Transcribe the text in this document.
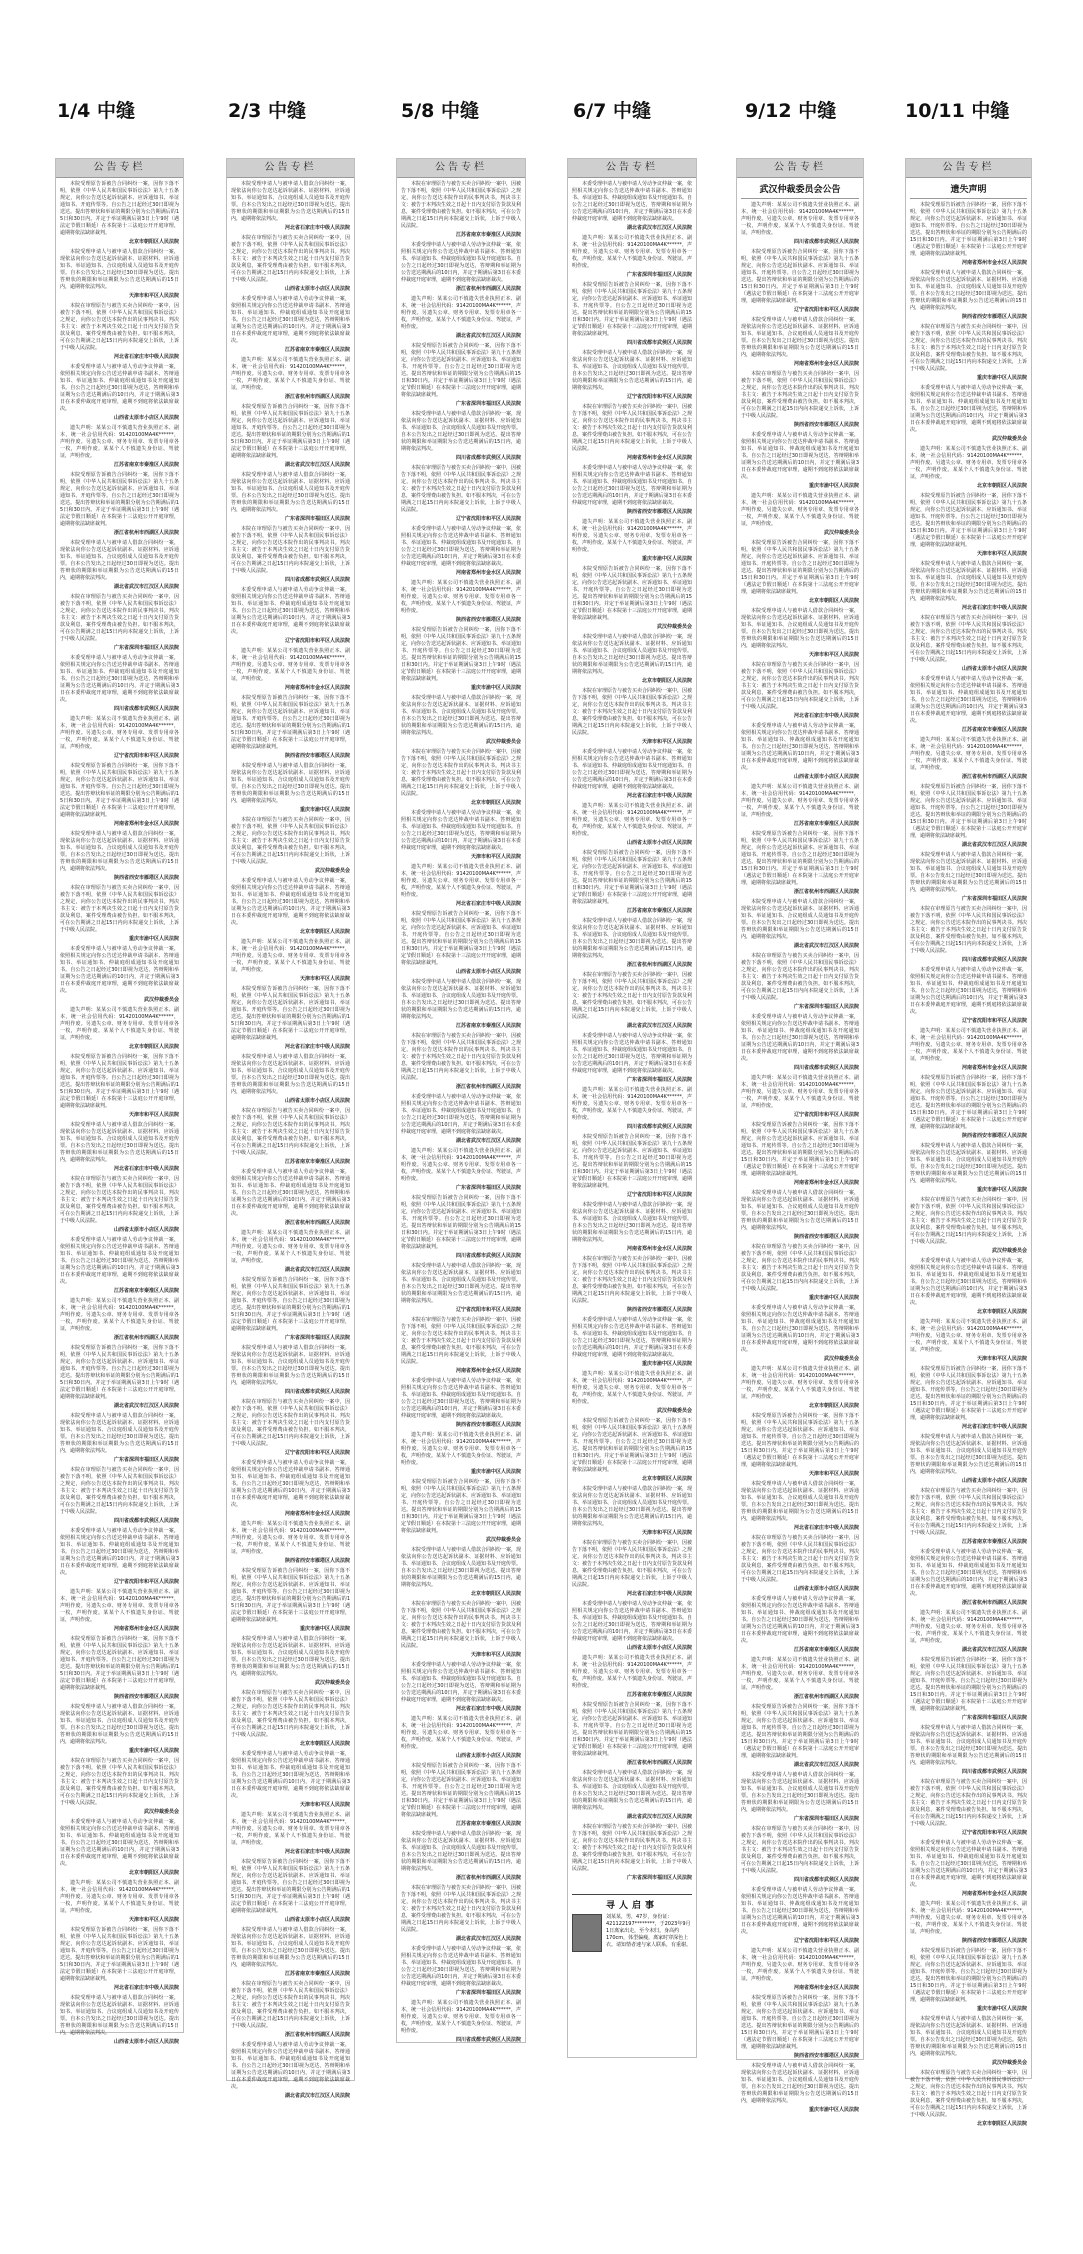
1/4 中缝	2/3 中缝	5/8 中缝	6/7 中缝	9/12 中缝	10/11 中缝
公告专栏

本院受理原告诉被告合同纠纷一案，因你下落不明，依照《中华人民共和国民事诉讼法》第九十五条规定，向你公告送达起诉状副本、应诉通知书、举证通知书、开庭传票等。自公告之日起经过30日即视为送达。提出答辩状和举证的期限分别为公告期满后的15日和30日内。并定于举证期满后第3日上午9时（遇法定节假日顺延）在本院第十三法庭公开开庭审理，逾期将依法缺席裁判。

北京市朝阳区人民法院

本院受理申请人与被申请人借款合同纠纷一案，现依法向你公告送达起诉状副本、证据材料、应诉通知书、举证通知书、合议庭组成人员通知书及开庭传票。自本公告发出之日起经过30日即视为送达。提出答辩状的期限和举证期限为公告送达期满后的15日内，逾期将依法判决。

天津市和平区人民法院

本院在审理原告与被告买卖合同纠纷一案中，因被告下落不明，依照《中华人民共和国民事诉讼法》之规定，向你公告送达本院作出的民事判决书。判决书主文：被告于本判决生效之日起十日内支付原告货款及利息，案件受理费由被告负担。如不服本判决，可在公告期满之日起15日内向本院递交上诉状，上诉于中级人民法院。

河北省石家庄市中级人民法院

本委受理申请人与被申请人劳动争议仲裁一案，依照相关规定向你公告送达仲裁申请书副本、答辩通知书、举证通知书、仲裁庭组成通知书及开庭通知书。自公告之日起经过30日即视为送达，答辩期和举证期为公告送达期满后的10日内，并定于期满后第3日在本委仲裁庭开庭审理，逾期不到庭将依法缺席裁决。

山西省太原市小店区人民法院

遗失声明：某某公司不慎遗失营业执照正本、副本，统一社会信用代码：91420100MA4K******，声明作废。另遗失公章、财务专用章、发票专用章各一枚，声明作废。某某个人不慎遗失身份证、驾驶证，声明作废。

江苏省南京市秦淮区人民法院

本院受理原告诉被告合同纠纷一案，因你下落不明，依照《中华人民共和国民事诉讼法》第九十五条规定，向你公告送达起诉状副本、应诉通知书、举证通知书、开庭传票等。自公告之日起经过30日即视为送达。提出答辩状和举证的期限分别为公告期满后的15日和30日内。并定于举证期满后第3日上午9时（遇法定节假日顺延）在本院第十三法庭公开开庭审理，逾期将依法缺席裁判。

浙江省杭州市西湖区人民法院

本院受理申请人与被申请人借款合同纠纷一案，现依法向你公告送达起诉状副本、证据材料、应诉通知书、举证通知书、合议庭组成人员通知书及开庭传票。自本公告发出之日起经过30日即视为送达。提出答辩状的期限和举证期限为公告送达期满后的15日内，逾期将依法判决。

湖北省武汉市江汉区人民法院

本院在审理原告与被告买卖合同纠纷一案中，因被告下落不明，依照《中华人民共和国民事诉讼法》之规定，向你公告送达本院作出的民事判决书。判决书主文：被告于本判决生效之日起十日内支付原告货款及利息，案件受理费由被告负担。如不服本判决，可在公告期满之日起15日内向本院递交上诉状，上诉于中级人民法院。

广东省深圳市福田区人民法院

本委受理申请人与被申请人劳动争议仲裁一案，依照相关规定向你公告送达仲裁申请书副本、答辩通知书、举证通知书、仲裁庭组成通知书及开庭通知书。自公告之日起经过30日即视为送达，答辩期和举证期为公告送达期满后的10日内，并定于期满后第3日在本委仲裁庭开庭审理，逾期不到庭将依法缺席裁决。

四川省成都市武侯区人民法院

遗失声明：某某公司不慎遗失营业执照正本、副本，统一社会信用代码：91420100MA4K******，声明作废。另遗失公章、财务专用章、发票专用章各一枚，声明作废。某某个人不慎遗失身份证、驾驶证，声明作废。

辽宁省沈阳市和平区人民法院

本院受理原告诉被告合同纠纷一案，因你下落不明，依照《中华人民共和国民事诉讼法》第九十五条规定，向你公告送达起诉状副本、应诉通知书、举证通知书、开庭传票等。自公告之日起经过30日即视为送达。提出答辩状和举证的期限分别为公告期满后的15日和30日内。并定于举证期满后第3日上午9时（遇法定节假日顺延）在本院第十三法庭公开开庭审理，逾期将依法缺席裁判。

河南省郑州市金水区人民法院

本院受理申请人与被申请人借款合同纠纷一案，现依法向你公告送达起诉状副本、证据材料、应诉通知书、举证通知书、合议庭组成人员通知书及开庭传票。自本公告发出之日起经过30日即视为送达。提出答辩状的期限和举证期限为公告送达期满后的15日内，逾期将依法判决。

陕西省西安市雁塔区人民法院

本院在审理原告与被告买卖合同纠纷一案中，因被告下落不明，依照《中华人民共和国民事诉讼法》之规定，向你公告送达本院作出的民事判决书。判决书主文：被告于本判决生效之日起十日内支付原告货款及利息，案件受理费由被告负担。如不服本判决，可在公告期满之日起15日内向本院递交上诉状，上诉于中级人民法院。

重庆市渝中区人民法院

本委受理申请人与被申请人劳动争议仲裁一案，依照相关规定向你公告送达仲裁申请书副本、答辩通知书、举证通知书、仲裁庭组成通知书及开庭通知书。自公告之日起经过30日即视为送达，答辩期和举证期为公告送达期满后的10日内，并定于期满后第3日在本委仲裁庭开庭审理，逾期不到庭将依法缺席裁决。

武汉仲裁委员会

遗失声明：某某公司不慎遗失营业执照正本、副本，统一社会信用代码：91420100MA4K******，声明作废。另遗失公章、财务专用章、发票专用章各一枚，声明作废。某某个人不慎遗失身份证、驾驶证，声明作废。

北京市朝阳区人民法院

本院受理原告诉被告合同纠纷一案，因你下落不明，依照《中华人民共和国民事诉讼法》第九十五条规定，向你公告送达起诉状副本、应诉通知书、举证通知书、开庭传票等。自公告之日起经过30日即视为送达。提出答辩状和举证的期限分别为公告期满后的15日和30日内。并定于举证期满后第3日上午9时（遇法定节假日顺延）在本院第十三法庭公开开庭审理，逾期将依法缺席裁判。

天津市和平区人民法院

本院受理申请人与被申请人借款合同纠纷一案，现依法向你公告送达起诉状副本、证据材料、应诉通知书、举证通知书、合议庭组成人员通知书及开庭传票。自本公告发出之日起经过30日即视为送达。提出答辩状的期限和举证期限为公告送达期满后的15日内，逾期将依法判决。

河北省石家庄市中级人民法院

本院在审理原告与被告买卖合同纠纷一案中，因被告下落不明，依照《中华人民共和国民事诉讼法》之规定，向你公告送达本院作出的民事判决书。判决书主文：被告于本判决生效之日起十日内支付原告货款及利息，案件受理费由被告负担。如不服本判决，可在公告期满之日起15日内向本院递交上诉状，上诉于中级人民法院。

山西省太原市小店区人民法院

本委受理申请人与被申请人劳动争议仲裁一案，依照相关规定向你公告送达仲裁申请书副本、答辩通知书、举证通知书、仲裁庭组成通知书及开庭通知书。自公告之日起经过30日即视为送达，答辩期和举证期为公告送达期满后的10日内，并定于期满后第3日在本委仲裁庭开庭审理，逾期不到庭将依法缺席裁决。

江苏省南京市秦淮区人民法院

遗失声明：某某公司不慎遗失营业执照正本、副本，统一社会信用代码：91420100MA4K******，声明作废。另遗失公章、财务专用章、发票专用章各一枚，声明作废。某某个人不慎遗失身份证、驾驶证，声明作废。

浙江省杭州市西湖区人民法院

本院受理原告诉被告合同纠纷一案，因你下落不明，依照《中华人民共和国民事诉讼法》第九十五条规定，向你公告送达起诉状副本、应诉通知书、举证通知书、开庭传票等。自公告之日起经过30日即视为送达。提出答辩状和举证的期限分别为公告期满后的15日和30日内。并定于举证期满后第3日上午9时（遇法定节假日顺延）在本院第十三法庭公开开庭审理，逾期将依法缺席裁判。

湖北省武汉市江汉区人民法院

本院受理申请人与被申请人借款合同纠纷一案，现依法向你公告送达起诉状副本、证据材料、应诉通知书、举证通知书、合议庭组成人员通知书及开庭传票。自本公告发出之日起经过30日即视为送达。提出答辩状的期限和举证期限为公告送达期满后的15日内，逾期将依法判决。

广东省深圳市福田区人民法院

本院在审理原告与被告买卖合同纠纷一案中，因被告下落不明，依照《中华人民共和国民事诉讼法》之规定，向你公告送达本院作出的民事判决书。判决书主文：被告于本判决生效之日起十日内支付原告货款及利息，案件受理费由被告负担。如不服本判决，可在公告期满之日起15日内向本院递交上诉状，上诉于中级人民法院。

四川省成都市武侯区人民法院

本委受理申请人与被申请人劳动争议仲裁一案，依照相关规定向你公告送达仲裁申请书副本、答辩通知书、举证通知书、仲裁庭组成通知书及开庭通知书。自公告之日起经过30日即视为送达，答辩期和举证期为公告送达期满后的10日内，并定于期满后第3日在本委仲裁庭开庭审理，逾期不到庭将依法缺席裁决。

辽宁省沈阳市和平区人民法院

遗失声明：某某公司不慎遗失营业执照正本、副本，统一社会信用代码：91420100MA4K******，声明作废。另遗失公章、财务专用章、发票专用章各一枚，声明作废。某某个人不慎遗失身份证、驾驶证，声明作废。

河南省郑州市金水区人民法院

本院受理原告诉被告合同纠纷一案，因你下落不明，依照《中华人民共和国民事诉讼法》第九十五条规定，向你公告送达起诉状副本、应诉通知书、举证通知书、开庭传票等。自公告之日起经过30日即视为送达。提出答辩状和举证的期限分别为公告期满后的15日和30日内。并定于举证期满后第3日上午9时（遇法定节假日顺延）在本院第十三法庭公开开庭审理，逾期将依法缺席裁判。

陕西省西安市雁塔区人民法院

本院受理申请人与被申请人借款合同纠纷一案，现依法向你公告送达起诉状副本、证据材料、应诉通知书、举证通知书、合议庭组成人员通知书及开庭传票。自本公告发出之日起经过30日即视为送达。提出答辩状的期限和举证期限为公告送达期满后的15日内，逾期将依法判决。

重庆市渝中区人民法院

本院在审理原告与被告买卖合同纠纷一案中，因被告下落不明，依照《中华人民共和国民事诉讼法》之规定，向你公告送达本院作出的民事判决书。判决书主文：被告于本判决生效之日起十日内支付原告货款及利息，案件受理费由被告负担。如不服本判决，可在公告期满之日起15日内向本院递交上诉状，上诉于中级人民法院。

武汉仲裁委员会

本委受理申请人与被申请人劳动争议仲裁一案，依照相关规定向你公告送达仲裁申请书副本、答辩通知书、举证通知书、仲裁庭组成通知书及开庭通知书。自公告之日起经过30日即视为送达，答辩期和举证期为公告送达期满后的10日内，并定于期满后第3日在本委仲裁庭开庭审理，逾期不到庭将依法缺席裁决。

北京市朝阳区人民法院

遗失声明：某某公司不慎遗失营业执照正本、副本，统一社会信用代码：91420100MA4K******，声明作废。另遗失公章、财务专用章、发票专用章各一枚，声明作废。某某个人不慎遗失身份证、驾驶证，声明作废。

天津市和平区人民法院

本院受理原告诉被告合同纠纷一案，因你下落不明，依照《中华人民共和国民事诉讼法》第九十五条规定，向你公告送达起诉状副本、应诉通知书、举证通知书、开庭传票等。自公告之日起经过30日即视为送达。提出答辩状和举证的期限分别为公告期满后的15日和30日内。并定于举证期满后第3日上午9时（遇法定节假日顺延）在本院第十三法庭公开开庭审理，逾期将依法缺席裁判。

河北省石家庄市中级人民法院

本院受理申请人与被申请人借款合同纠纷一案，现依法向你公告送达起诉状副本、证据材料、应诉通知书、举证通知书、合议庭组成人员通知书及开庭传票。自本公告发出之日起经过30日即视为送达。提出答辩状的期限和举证期限为公告送达期满后的15日内，逾期将依法判决。

山西省太原市小店区人民法院
公告专栏

本院受理申请人与被申请人借款合同纠纷一案，现依法向你公告送达起诉状副本、证据材料、应诉通知书、举证通知书、合议庭组成人员通知书及开庭传票。自本公告发出之日起经过30日即视为送达。提出答辩状的期限和举证期限为公告送达期满后的15日内，逾期将依法判决。

河北省石家庄市中级人民法院

本院在审理原告与被告买卖合同纠纷一案中，因被告下落不明，依照《中华人民共和国民事诉讼法》之规定，向你公告送达本院作出的民事判决书。判决书主文：被告于本判决生效之日起十日内支付原告货款及利息，案件受理费由被告负担。如不服本判决，可在公告期满之日起15日内向本院递交上诉状，上诉于中级人民法院。

山西省太原市小店区人民法院

本委受理申请人与被申请人劳动争议仲裁一案，依照相关规定向你公告送达仲裁申请书副本、答辩通知书、举证通知书、仲裁庭组成通知书及开庭通知书。自公告之日起经过30日即视为送达，答辩期和举证期为公告送达期满后的10日内，并定于期满后第3日在本委仲裁庭开庭审理，逾期不到庭将依法缺席裁决。

江苏省南京市秦淮区人民法院

遗失声明：某某公司不慎遗失营业执照正本、副本，统一社会信用代码：91420100MA4K******，声明作废。另遗失公章、财务专用章、发票专用章各一枚，声明作废。某某个人不慎遗失身份证、驾驶证，声明作废。

浙江省杭州市西湖区人民法院

本院受理原告诉被告合同纠纷一案，因你下落不明，依照《中华人民共和国民事诉讼法》第九十五条规定，向你公告送达起诉状副本、应诉通知书、举证通知书、开庭传票等。自公告之日起经过30日即视为送达。提出答辩状和举证的期限分别为公告期满后的15日和30日内。并定于举证期满后第3日上午9时（遇法定节假日顺延）在本院第十三法庭公开开庭审理，逾期将依法缺席裁判。

湖北省武汉市江汉区人民法院

本院受理申请人与被申请人借款合同纠纷一案，现依法向你公告送达起诉状副本、证据材料、应诉通知书、举证通知书、合议庭组成人员通知书及开庭传票。自本公告发出之日起经过30日即视为送达。提出答辩状的期限和举证期限为公告送达期满后的15日内，逾期将依法判决。

广东省深圳市福田区人民法院

本院在审理原告与被告买卖合同纠纷一案中，因被告下落不明，依照《中华人民共和国民事诉讼法》之规定，向你公告送达本院作出的民事判决书。判决书主文：被告于本判决生效之日起十日内支付原告货款及利息，案件受理费由被告负担。如不服本判决，可在公告期满之日起15日内向本院递交上诉状，上诉于中级人民法院。

四川省成都市武侯区人民法院

本委受理申请人与被申请人劳动争议仲裁一案，依照相关规定向你公告送达仲裁申请书副本、答辩通知书、举证通知书、仲裁庭组成通知书及开庭通知书。自公告之日起经过30日即视为送达，答辩期和举证期为公告送达期满后的10日内，并定于期满后第3日在本委仲裁庭开庭审理，逾期不到庭将依法缺席裁决。

辽宁省沈阳市和平区人民法院

遗失声明：某某公司不慎遗失营业执照正本、副本，统一社会信用代码：91420100MA4K******，声明作废。另遗失公章、财务专用章、发票专用章各一枚，声明作废。某某个人不慎遗失身份证、驾驶证，声明作废。

河南省郑州市金水区人民法院

本院受理原告诉被告合同纠纷一案，因你下落不明，依照《中华人民共和国民事诉讼法》第九十五条规定，向你公告送达起诉状副本、应诉通知书、举证通知书、开庭传票等。自公告之日起经过30日即视为送达。提出答辩状和举证的期限分别为公告期满后的15日和30日内。并定于举证期满后第3日上午9时（遇法定节假日顺延）在本院第十三法庭公开开庭审理，逾期将依法缺席裁判。

陕西省西安市雁塔区人民法院

本院受理申请人与被申请人借款合同纠纷一案，现依法向你公告送达起诉状副本、证据材料、应诉通知书、举证通知书、合议庭组成人员通知书及开庭传票。自本公告发出之日起经过30日即视为送达。提出答辩状的期限和举证期限为公告送达期满后的15日内，逾期将依法判决。

重庆市渝中区人民法院

本院在审理原告与被告买卖合同纠纷一案中，因被告下落不明，依照《中华人民共和国民事诉讼法》之规定，向你公告送达本院作出的民事判决书。判决书主文：被告于本判决生效之日起十日内支付原告货款及利息，案件受理费由被告负担。如不服本判决，可在公告期满之日起15日内向本院递交上诉状，上诉于中级人民法院。

武汉仲裁委员会

本委受理申请人与被申请人劳动争议仲裁一案，依照相关规定向你公告送达仲裁申请书副本、答辩通知书、举证通知书、仲裁庭组成通知书及开庭通知书。自公告之日起经过30日即视为送达，答辩期和举证期为公告送达期满后的10日内，并定于期满后第3日在本委仲裁庭开庭审理，逾期不到庭将依法缺席裁决。

北京市朝阳区人民法院

遗失声明：某某公司不慎遗失营业执照正本、副本，统一社会信用代码：91420100MA4K******，声明作废。另遗失公章、财务专用章、发票专用章各一枚，声明作废。某某个人不慎遗失身份证、驾驶证，声明作废。

天津市和平区人民法院

本院受理原告诉被告合同纠纷一案，因你下落不明，依照《中华人民共和国民事诉讼法》第九十五条规定，向你公告送达起诉状副本、应诉通知书、举证通知书、开庭传票等。自公告之日起经过30日即视为送达。提出答辩状和举证的期限分别为公告期满后的15日和30日内。并定于举证期满后第3日上午9时（遇法定节假日顺延）在本院第十三法庭公开开庭审理，逾期将依法缺席裁判。

河北省石家庄市中级人民法院

本院受理申请人与被申请人借款合同纠纷一案，现依法向你公告送达起诉状副本、证据材料、应诉通知书、举证通知书、合议庭组成人员通知书及开庭传票。自本公告发出之日起经过30日即视为送达。提出答辩状的期限和举证期限为公告送达期满后的15日内，逾期将依法判决。

山西省太原市小店区人民法院

本院在审理原告与被告买卖合同纠纷一案中，因被告下落不明，依照《中华人民共和国民事诉讼法》之规定，向你公告送达本院作出的民事判决书。判决书主文：被告于本判决生效之日起十日内支付原告货款及利息，案件受理费由被告负担。如不服本判决，可在公告期满之日起15日内向本院递交上诉状，上诉于中级人民法院。

江苏省南京市秦淮区人民法院

本委受理申请人与被申请人劳动争议仲裁一案，依照相关规定向你公告送达仲裁申请书副本、答辩通知书、举证通知书、仲裁庭组成通知书及开庭通知书。自公告之日起经过30日即视为送达，答辩期和举证期为公告送达期满后的10日内，并定于期满后第3日在本委仲裁庭开庭审理，逾期不到庭将依法缺席裁决。

浙江省杭州市西湖区人民法院

遗失声明：某某公司不慎遗失营业执照正本、副本，统一社会信用代码：91420100MA4K******，声明作废。另遗失公章、财务专用章、发票专用章各一枚，声明作废。某某个人不慎遗失身份证、驾驶证，声明作废。

湖北省武汉市江汉区人民法院

本院受理原告诉被告合同纠纷一案，因你下落不明，依照《中华人民共和国民事诉讼法》第九十五条规定，向你公告送达起诉状副本、应诉通知书、举证通知书、开庭传票等。自公告之日起经过30日即视为送达。提出答辩状和举证的期限分别为公告期满后的15日和30日内。并定于举证期满后第3日上午9时（遇法定节假日顺延）在本院第十三法庭公开开庭审理，逾期将依法缺席裁判。

广东省深圳市福田区人民法院

本院受理申请人与被申请人借款合同纠纷一案，现依法向你公告送达起诉状副本、证据材料、应诉通知书、举证通知书、合议庭组成人员通知书及开庭传票。自本公告发出之日起经过30日即视为送达。提出答辩状的期限和举证期限为公告送达期满后的15日内，逾期将依法判决。

四川省成都市武侯区人民法院

本院在审理原告与被告买卖合同纠纷一案中，因被告下落不明，依照《中华人民共和国民事诉讼法》之规定，向你公告送达本院作出的民事判决书。判决书主文：被告于本判决生效之日起十日内支付原告货款及利息，案件受理费由被告负担。如不服本判决，可在公告期满之日起15日内向本院递交上诉状，上诉于中级人民法院。

辽宁省沈阳市和平区人民法院

本委受理申请人与被申请人劳动争议仲裁一案，依照相关规定向你公告送达仲裁申请书副本、答辩通知书、举证通知书、仲裁庭组成通知书及开庭通知书。自公告之日起经过30日即视为送达，答辩期和举证期为公告送达期满后的10日内，并定于期满后第3日在本委仲裁庭开庭审理，逾期不到庭将依法缺席裁决。

河南省郑州市金水区人民法院

遗失声明：某某公司不慎遗失营业执照正本、副本，统一社会信用代码：91420100MA4K******，声明作废。另遗失公章、财务专用章、发票专用章各一枚，声明作废。某某个人不慎遗失身份证、驾驶证，声明作废。

陕西省西安市雁塔区人民法院

本院受理原告诉被告合同纠纷一案，因你下落不明，依照《中华人民共和国民事诉讼法》第九十五条规定，向你公告送达起诉状副本、应诉通知书、举证通知书、开庭传票等。自公告之日起经过30日即视为送达。提出答辩状和举证的期限分别为公告期满后的15日和30日内。并定于举证期满后第3日上午9时（遇法定节假日顺延）在本院第十三法庭公开开庭审理，逾期将依法缺席裁判。

重庆市渝中区人民法院

本院受理申请人与被申请人借款合同纠纷一案，现依法向你公告送达起诉状副本、证据材料、应诉通知书、举证通知书、合议庭组成人员通知书及开庭传票。自本公告发出之日起经过30日即视为送达。提出答辩状的期限和举证期限为公告送达期满后的15日内，逾期将依法判决。

武汉仲裁委员会

本院在审理原告与被告买卖合同纠纷一案中，因被告下落不明，依照《中华人民共和国民事诉讼法》之规定，向你公告送达本院作出的民事判决书。判决书主文：被告于本判决生效之日起十日内支付原告货款及利息，案件受理费由被告负担。如不服本判决，可在公告期满之日起15日内向本院递交上诉状，上诉于中级人民法院。

北京市朝阳区人民法院

本委受理申请人与被申请人劳动争议仲裁一案，依照相关规定向你公告送达仲裁申请书副本、答辩通知书、举证通知书、仲裁庭组成通知书及开庭通知书。自公告之日起经过30日即视为送达，答辩期和举证期为公告送达期满后的10日内，并定于期满后第3日在本委仲裁庭开庭审理，逾期不到庭将依法缺席裁决。

天津市和平区人民法院

遗失声明：某某公司不慎遗失营业执照正本、副本，统一社会信用代码：91420100MA4K******，声明作废。另遗失公章、财务专用章、发票专用章各一枚，声明作废。某某个人不慎遗失身份证、驾驶证，声明作废。

河北省石家庄市中级人民法院

本院受理原告诉被告合同纠纷一案，因你下落不明，依照《中华人民共和国民事诉讼法》第九十五条规定，向你公告送达起诉状副本、应诉通知书、举证通知书、开庭传票等。自公告之日起经过30日即视为送达。提出答辩状和举证的期限分别为公告期满后的15日和30日内。并定于举证期满后第3日上午9时（遇法定节假日顺延）在本院第十三法庭公开开庭审理，逾期将依法缺席裁判。

山西省太原市小店区人民法院

本院受理申请人与被申请人借款合同纠纷一案，现依法向你公告送达起诉状副本、证据材料、应诉通知书、举证通知书、合议庭组成人员通知书及开庭传票。自本公告发出之日起经过30日即视为送达。提出答辩状的期限和举证期限为公告送达期满后的15日内，逾期将依法判决。

江苏省南京市秦淮区人民法院

本院在审理原告与被告买卖合同纠纷一案中，因被告下落不明，依照《中华人民共和国民事诉讼法》之规定，向你公告送达本院作出的民事判决书。判决书主文：被告于本判决生效之日起十日内支付原告货款及利息，案件受理费由被告负担。如不服本判决，可在公告期满之日起15日内向本院递交上诉状，上诉于中级人民法院。

浙江省杭州市西湖区人民法院

本委受理申请人与被申请人劳动争议仲裁一案，依照相关规定向你公告送达仲裁申请书副本、答辩通知书、举证通知书、仲裁庭组成通知书及开庭通知书。自公告之日起经过30日即视为送达，答辩期和举证期为公告送达期满后的10日内，并定于期满后第3日在本委仲裁庭开庭审理，逾期不到庭将依法缺席裁决。

湖北省武汉市江汉区人民法院
公告专栏

本院在审理原告与被告买卖合同纠纷一案中，因被告下落不明，依照《中华人民共和国民事诉讼法》之规定，向你公告送达本院作出的民事判决书。判决书主文：被告于本判决生效之日起十日内支付原告货款及利息，案件受理费由被告负担。如不服本判决，可在公告期满之日起15日内向本院递交上诉状，上诉于中级人民法院。

江苏省南京市秦淮区人民法院

本委受理申请人与被申请人劳动争议仲裁一案，依照相关规定向你公告送达仲裁申请书副本、答辩通知书、举证通知书、仲裁庭组成通知书及开庭通知书。自公告之日起经过30日即视为送达，答辩期和举证期为公告送达期满后的10日内，并定于期满后第3日在本委仲裁庭开庭审理，逾期不到庭将依法缺席裁决。

浙江省杭州市西湖区人民法院

遗失声明：某某公司不慎遗失营业执照正本、副本，统一社会信用代码：91420100MA4K******，声明作废。另遗失公章、财务专用章、发票专用章各一枚，声明作废。某某个人不慎遗失身份证、驾驶证，声明作废。

湖北省武汉市江汉区人民法院

本院受理原告诉被告合同纠纷一案，因你下落不明，依照《中华人民共和国民事诉讼法》第九十五条规定，向你公告送达起诉状副本、应诉通知书、举证通知书、开庭传票等。自公告之日起经过30日即视为送达。提出答辩状和举证的期限分别为公告期满后的15日和30日内。并定于举证期满后第3日上午9时（遇法定节假日顺延）在本院第十三法庭公开开庭审理，逾期将依法缺席裁判。

广东省深圳市福田区人民法院

本院受理申请人与被申请人借款合同纠纷一案，现依法向你公告送达起诉状副本、证据材料、应诉通知书、举证通知书、合议庭组成人员通知书及开庭传票。自本公告发出之日起经过30日即视为送达。提出答辩状的期限和举证期限为公告送达期满后的15日内，逾期将依法判决。

四川省成都市武侯区人民法院

本院在审理原告与被告买卖合同纠纷一案中，因被告下落不明，依照《中华人民共和国民事诉讼法》之规定，向你公告送达本院作出的民事判决书。判决书主文：被告于本判决生效之日起十日内支付原告货款及利息，案件受理费由被告负担。如不服本判决，可在公告期满之日起15日内向本院递交上诉状，上诉于中级人民法院。

辽宁省沈阳市和平区人民法院

本委受理申请人与被申请人劳动争议仲裁一案，依照相关规定向你公告送达仲裁申请书副本、答辩通知书、举证通知书、仲裁庭组成通知书及开庭通知书。自公告之日起经过30日即视为送达，答辩期和举证期为公告送达期满后的10日内，并定于期满后第3日在本委仲裁庭开庭审理，逾期不到庭将依法缺席裁决。

河南省郑州市金水区人民法院

遗失声明：某某公司不慎遗失营业执照正本、副本，统一社会信用代码：91420100MA4K******，声明作废。另遗失公章、财务专用章、发票专用章各一枚，声明作废。某某个人不慎遗失身份证、驾驶证，声明作废。

陕西省西安市雁塔区人民法院

本院受理原告诉被告合同纠纷一案，因你下落不明，依照《中华人民共和国民事诉讼法》第九十五条规定，向你公告送达起诉状副本、应诉通知书、举证通知书、开庭传票等。自公告之日起经过30日即视为送达。提出答辩状和举证的期限分别为公告期满后的15日和30日内。并定于举证期满后第3日上午9时（遇法定节假日顺延）在本院第十三法庭公开开庭审理，逾期将依法缺席裁判。

重庆市渝中区人民法院

本院受理申请人与被申请人借款合同纠纷一案，现依法向你公告送达起诉状副本、证据材料、应诉通知书、举证通知书、合议庭组成人员通知书及开庭传票。自本公告发出之日起经过30日即视为送达。提出答辩状的期限和举证期限为公告送达期满后的15日内，逾期将依法判决。

武汉仲裁委员会

本院在审理原告与被告买卖合同纠纷一案中，因被告下落不明，依照《中华人民共和国民事诉讼法》之规定，向你公告送达本院作出的民事判决书。判决书主文：被告于本判决生效之日起十日内支付原告货款及利息，案件受理费由被告负担。如不服本判决，可在公告期满之日起15日内向本院递交上诉状，上诉于中级人民法院。

北京市朝阳区人民法院

本委受理申请人与被申请人劳动争议仲裁一案，依照相关规定向你公告送达仲裁申请书副本、答辩通知书、举证通知书、仲裁庭组成通知书及开庭通知书。自公告之日起经过30日即视为送达，答辩期和举证期为公告送达期满后的10日内，并定于期满后第3日在本委仲裁庭开庭审理，逾期不到庭将依法缺席裁决。

天津市和平区人民法院

遗失声明：某某公司不慎遗失营业执照正本、副本，统一社会信用代码：91420100MA4K******，声明作废。另遗失公章、财务专用章、发票专用章各一枚，声明作废。某某个人不慎遗失身份证、驾驶证，声明作废。

河北省石家庄市中级人民法院

本院受理原告诉被告合同纠纷一案，因你下落不明，依照《中华人民共和国民事诉讼法》第九十五条规定，向你公告送达起诉状副本、应诉通知书、举证通知书、开庭传票等。自公告之日起经过30日即视为送达。提出答辩状和举证的期限分别为公告期满后的15日和30日内。并定于举证期满后第3日上午9时（遇法定节假日顺延）在本院第十三法庭公开开庭审理，逾期将依法缺席裁判。

山西省太原市小店区人民法院

本院受理申请人与被申请人借款合同纠纷一案，现依法向你公告送达起诉状副本、证据材料、应诉通知书、举证通知书、合议庭组成人员通知书及开庭传票。自本公告发出之日起经过30日即视为送达。提出答辩状的期限和举证期限为公告送达期满后的15日内，逾期将依法判决。

江苏省南京市秦淮区人民法院

本院在审理原告与被告买卖合同纠纷一案中，因被告下落不明，依照《中华人民共和国民事诉讼法》之规定，向你公告送达本院作出的民事判决书。判决书主文：被告于本判决生效之日起十日内支付原告货款及利息，案件受理费由被告负担。如不服本判决，可在公告期满之日起15日内向本院递交上诉状，上诉于中级人民法院。

浙江省杭州市西湖区人民法院

本委受理申请人与被申请人劳动争议仲裁一案，依照相关规定向你公告送达仲裁申请书副本、答辩通知书、举证通知书、仲裁庭组成通知书及开庭通知书。自公告之日起经过30日即视为送达，答辩期和举证期为公告送达期满后的10日内，并定于期满后第3日在本委仲裁庭开庭审理，逾期不到庭将依法缺席裁决。

湖北省武汉市江汉区人民法院

遗失声明：某某公司不慎遗失营业执照正本、副本，统一社会信用代码：91420100MA4K******，声明作废。另遗失公章、财务专用章、发票专用章各一枚，声明作废。某某个人不慎遗失身份证、驾驶证，声明作废。

广东省深圳市福田区人民法院

本院受理原告诉被告合同纠纷一案，因你下落不明，依照《中华人民共和国民事诉讼法》第九十五条规定，向你公告送达起诉状副本、应诉通知书、举证通知书、开庭传票等。自公告之日起经过30日即视为送达。提出答辩状和举证的期限分别为公告期满后的15日和30日内。并定于举证期满后第3日上午9时（遇法定节假日顺延）在本院第十三法庭公开开庭审理，逾期将依法缺席裁判。

四川省成都市武侯区人民法院

本院受理申请人与被申请人借款合同纠纷一案，现依法向你公告送达起诉状副本、证据材料、应诉通知书、举证通知书、合议庭组成人员通知书及开庭传票。自本公告发出之日起经过30日即视为送达。提出答辩状的期限和举证期限为公告送达期满后的15日内，逾期将依法判决。

辽宁省沈阳市和平区人民法院

本院在审理原告与被告买卖合同纠纷一案中，因被告下落不明，依照《中华人民共和国民事诉讼法》之规定，向你公告送达本院作出的民事判决书。判决书主文：被告于本判决生效之日起十日内支付原告货款及利息，案件受理费由被告负担。如不服本判决，可在公告期满之日起15日内向本院递交上诉状，上诉于中级人民法院。

河南省郑州市金水区人民法院

本委受理申请人与被申请人劳动争议仲裁一案，依照相关规定向你公告送达仲裁申请书副本、答辩通知书、举证通知书、仲裁庭组成通知书及开庭通知书。自公告之日起经过30日即视为送达，答辩期和举证期为公告送达期满后的10日内，并定于期满后第3日在本委仲裁庭开庭审理，逾期不到庭将依法缺席裁决。

陕西省西安市雁塔区人民法院

遗失声明：某某公司不慎遗失营业执照正本、副本，统一社会信用代码：91420100MA4K******，声明作废。另遗失公章、财务专用章、发票专用章各一枚，声明作废。某某个人不慎遗失身份证、驾驶证，声明作废。

重庆市渝中区人民法院

本院受理原告诉被告合同纠纷一案，因你下落不明，依照《中华人民共和国民事诉讼法》第九十五条规定，向你公告送达起诉状副本、应诉通知书、举证通知书、开庭传票等。自公告之日起经过30日即视为送达。提出答辩状和举证的期限分别为公告期满后的15日和30日内。并定于举证期满后第3日上午9时（遇法定节假日顺延）在本院第十三法庭公开开庭审理，逾期将依法缺席裁判。

武汉仲裁委员会

本院受理申请人与被申请人借款合同纠纷一案，现依法向你公告送达起诉状副本、证据材料、应诉通知书、举证通知书、合议庭组成人员通知书及开庭传票。自本公告发出之日起经过30日即视为送达。提出答辩状的期限和举证期限为公告送达期满后的15日内，逾期将依法判决。

北京市朝阳区人民法院

本院在审理原告与被告买卖合同纠纷一案中，因被告下落不明，依照《中华人民共和国民事诉讼法》之规定，向你公告送达本院作出的民事判决书。判决书主文：被告于本判决生效之日起十日内支付原告货款及利息，案件受理费由被告负担。如不服本判决，可在公告期满之日起15日内向本院递交上诉状，上诉于中级人民法院。

天津市和平区人民法院

本委受理申请人与被申请人劳动争议仲裁一案，依照相关规定向你公告送达仲裁申请书副本、答辩通知书、举证通知书、仲裁庭组成通知书及开庭通知书。自公告之日起经过30日即视为送达，答辩期和举证期为公告送达期满后的10日内，并定于期满后第3日在本委仲裁庭开庭审理，逾期不到庭将依法缺席裁决。

河北省石家庄市中级人民法院

遗失声明：某某公司不慎遗失营业执照正本、副本，统一社会信用代码：91420100MA4K******，声明作废。另遗失公章、财务专用章、发票专用章各一枚，声明作废。某某个人不慎遗失身份证、驾驶证，声明作废。

山西省太原市小店区人民法院

本院受理原告诉被告合同纠纷一案，因你下落不明，依照《中华人民共和国民事诉讼法》第九十五条规定，向你公告送达起诉状副本、应诉通知书、举证通知书、开庭传票等。自公告之日起经过30日即视为送达。提出答辩状和举证的期限分别为公告期满后的15日和30日内。并定于举证期满后第3日上午9时（遇法定节假日顺延）在本院第十三法庭公开开庭审理，逾期将依法缺席裁判。

江苏省南京市秦淮区人民法院

本院受理申请人与被申请人借款合同纠纷一案，现依法向你公告送达起诉状副本、证据材料、应诉通知书、举证通知书、合议庭组成人员通知书及开庭传票。自本公告发出之日起经过30日即视为送达。提出答辩状的期限和举证期限为公告送达期满后的15日内，逾期将依法判决。

浙江省杭州市西湖区人民法院

本院在审理原告与被告买卖合同纠纷一案中，因被告下落不明，依照《中华人民共和国民事诉讼法》之规定，向你公告送达本院作出的民事判决书。判决书主文：被告于本判决生效之日起十日内支付原告货款及利息，案件受理费由被告负担。如不服本判决，可在公告期满之日起15日内向本院递交上诉状，上诉于中级人民法院。

湖北省武汉市江汉区人民法院

本委受理申请人与被申请人劳动争议仲裁一案，依照相关规定向你公告送达仲裁申请书副本、答辩通知书、举证通知书、仲裁庭组成通知书及开庭通知书。自公告之日起经过30日即视为送达，答辩期和举证期为公告送达期满后的10日内，并定于期满后第3日在本委仲裁庭开庭审理，逾期不到庭将依法缺席裁决。

广东省深圳市福田区人民法院

遗失声明：某某公司不慎遗失营业执照正本、副本，统一社会信用代码：91420100MA4K******，声明作废。另遗失公章、财务专用章、发票专用章各一枚，声明作废。某某个人不慎遗失身份证、驾驶证，声明作废。

四川省成都市武侯区人民法院
公告专栏

本委受理申请人与被申请人劳动争议仲裁一案，依照相关规定向你公告送达仲裁申请书副本、答辩通知书、举证通知书、仲裁庭组成通知书及开庭通知书。自公告之日起经过30日即视为送达，答辩期和举证期为公告送达期满后的10日内，并定于期满后第3日在本委仲裁庭开庭审理，逾期不到庭将依法缺席裁决。

湖北省武汉市江汉区人民法院

遗失声明：某某公司不慎遗失营业执照正本、副本，统一社会信用代码：91420100MA4K******，声明作废。另遗失公章、财务专用章、发票专用章各一枚，声明作废。某某个人不慎遗失身份证、驾驶证，声明作废。

广东省深圳市福田区人民法院

本院受理原告诉被告合同纠纷一案，因你下落不明，依照《中华人民共和国民事诉讼法》第九十五条规定，向你公告送达起诉状副本、应诉通知书、举证通知书、开庭传票等。自公告之日起经过30日即视为送达。提出答辩状和举证的期限分别为公告期满后的15日和30日内。并定于举证期满后第3日上午9时（遇法定节假日顺延）在本院第十三法庭公开开庭审理，逾期将依法缺席裁判。

四川省成都市武侯区人民法院

本院受理申请人与被申请人借款合同纠纷一案，现依法向你公告送达起诉状副本、证据材料、应诉通知书、举证通知书、合议庭组成人员通知书及开庭传票。自本公告发出之日起经过30日即视为送达。提出答辩状的期限和举证期限为公告送达期满后的15日内，逾期将依法判决。

辽宁省沈阳市和平区人民法院

本院在审理原告与被告买卖合同纠纷一案中，因被告下落不明，依照《中华人民共和国民事诉讼法》之规定，向你公告送达本院作出的民事判决书。判决书主文：被告于本判决生效之日起十日内支付原告货款及利息，案件受理费由被告负担。如不服本判决，可在公告期满之日起15日内向本院递交上诉状，上诉于中级人民法院。

河南省郑州市金水区人民法院

本委受理申请人与被申请人劳动争议仲裁一案，依照相关规定向你公告送达仲裁申请书副本、答辩通知书、举证通知书、仲裁庭组成通知书及开庭通知书。自公告之日起经过30日即视为送达，答辩期和举证期为公告送达期满后的10日内，并定于期满后第3日在本委仲裁庭开庭审理，逾期不到庭将依法缺席裁决。

陕西省西安市雁塔区人民法院

遗失声明：某某公司不慎遗失营业执照正本、副本，统一社会信用代码：91420100MA4K******，声明作废。另遗失公章、财务专用章、发票专用章各一枚，声明作废。某某个人不慎遗失身份证、驾驶证，声明作废。

重庆市渝中区人民法院

本院受理原告诉被告合同纠纷一案，因你下落不明，依照《中华人民共和国民事诉讼法》第九十五条规定，向你公告送达起诉状副本、应诉通知书、举证通知书、开庭传票等。自公告之日起经过30日即视为送达。提出答辩状和举证的期限分别为公告期满后的15日和30日内。并定于举证期满后第3日上午9时（遇法定节假日顺延）在本院第十三法庭公开开庭审理，逾期将依法缺席裁判。

武汉仲裁委员会

本院受理申请人与被申请人借款合同纠纷一案，现依法向你公告送达起诉状副本、证据材料、应诉通知书、举证通知书、合议庭组成人员通知书及开庭传票。自本公告发出之日起经过30日即视为送达。提出答辩状的期限和举证期限为公告送达期满后的15日内，逾期将依法判决。

北京市朝阳区人民法院

本院在审理原告与被告买卖合同纠纷一案中，因被告下落不明，依照《中华人民共和国民事诉讼法》之规定，向你公告送达本院作出的民事判决书。判决书主文：被告于本判决生效之日起十日内支付原告货款及利息，案件受理费由被告负担。如不服本判决，可在公告期满之日起15日内向本院递交上诉状，上诉于中级人民法院。

天津市和平区人民法院

本委受理申请人与被申请人劳动争议仲裁一案，依照相关规定向你公告送达仲裁申请书副本、答辩通知书、举证通知书、仲裁庭组成通知书及开庭通知书。自公告之日起经过30日即视为送达，答辩期和举证期为公告送达期满后的10日内，并定于期满后第3日在本委仲裁庭开庭审理，逾期不到庭将依法缺席裁决。

河北省石家庄市中级人民法院

遗失声明：某某公司不慎遗失营业执照正本、副本，统一社会信用代码：91420100MA4K******，声明作废。另遗失公章、财务专用章、发票专用章各一枚，声明作废。某某个人不慎遗失身份证、驾驶证，声明作废。

山西省太原市小店区人民法院

本院受理原告诉被告合同纠纷一案，因你下落不明，依照《中华人民共和国民事诉讼法》第九十五条规定，向你公告送达起诉状副本、应诉通知书、举证通知书、开庭传票等。自公告之日起经过30日即视为送达。提出答辩状和举证的期限分别为公告期满后的15日和30日内。并定于举证期满后第3日上午9时（遇法定节假日顺延）在本院第十三法庭公开开庭审理，逾期将依法缺席裁判。

江苏省南京市秦淮区人民法院

本院受理申请人与被申请人借款合同纠纷一案，现依法向你公告送达起诉状副本、证据材料、应诉通知书、举证通知书、合议庭组成人员通知书及开庭传票。自本公告发出之日起经过30日即视为送达。提出答辩状的期限和举证期限为公告送达期满后的15日内，逾期将依法判决。

浙江省杭州市西湖区人民法院

本院在审理原告与被告买卖合同纠纷一案中，因被告下落不明，依照《中华人民共和国民事诉讼法》之规定，向你公告送达本院作出的民事判决书。判决书主文：被告于本判决生效之日起十日内支付原告货款及利息，案件受理费由被告负担。如不服本判决，可在公告期满之日起15日内向本院递交上诉状，上诉于中级人民法院。

湖北省武汉市江汉区人民法院

本委受理申请人与被申请人劳动争议仲裁一案，依照相关规定向你公告送达仲裁申请书副本、答辩通知书、举证通知书、仲裁庭组成通知书及开庭通知书。自公告之日起经过30日即视为送达，答辩期和举证期为公告送达期满后的10日内，并定于期满后第3日在本委仲裁庭开庭审理，逾期不到庭将依法缺席裁决。

广东省深圳市福田区人民法院

遗失声明：某某公司不慎遗失营业执照正本、副本，统一社会信用代码：91420100MA4K******，声明作废。另遗失公章、财务专用章、发票专用章各一枚，声明作废。某某个人不慎遗失身份证、驾驶证，声明作废。

四川省成都市武侯区人民法院

本院受理原告诉被告合同纠纷一案，因你下落不明，依照《中华人民共和国民事诉讼法》第九十五条规定，向你公告送达起诉状副本、应诉通知书、举证通知书、开庭传票等。自公告之日起经过30日即视为送达。提出答辩状和举证的期限分别为公告期满后的15日和30日内。并定于举证期满后第3日上午9时（遇法定节假日顺延）在本院第十三法庭公开开庭审理，逾期将依法缺席裁判。

辽宁省沈阳市和平区人民法院

本院受理申请人与被申请人借款合同纠纷一案，现依法向你公告送达起诉状副本、证据材料、应诉通知书、举证通知书、合议庭组成人员通知书及开庭传票。自本公告发出之日起经过30日即视为送达。提出答辩状的期限和举证期限为公告送达期满后的15日内，逾期将依法判决。

河南省郑州市金水区人民法院

本院在审理原告与被告买卖合同纠纷一案中，因被告下落不明，依照《中华人民共和国民事诉讼法》之规定，向你公告送达本院作出的民事判决书。判决书主文：被告于本判决生效之日起十日内支付原告货款及利息，案件受理费由被告负担。如不服本判决，可在公告期满之日起15日内向本院递交上诉状，上诉于中级人民法院。

陕西省西安市雁塔区人民法院

本委受理申请人与被申请人劳动争议仲裁一案，依照相关规定向你公告送达仲裁申请书副本、答辩通知书、举证通知书、仲裁庭组成通知书及开庭通知书。自公告之日起经过30日即视为送达，答辩期和举证期为公告送达期满后的10日内，并定于期满后第3日在本委仲裁庭开庭审理，逾期不到庭将依法缺席裁决。

重庆市渝中区人民法院

遗失声明：某某公司不慎遗失营业执照正本、副本，统一社会信用代码：91420100MA4K******，声明作废。另遗失公章、财务专用章、发票专用章各一枚，声明作废。某某个人不慎遗失身份证、驾驶证，声明作废。

武汉仲裁委员会

本院受理原告诉被告合同纠纷一案，因你下落不明，依照《中华人民共和国民事诉讼法》第九十五条规定，向你公告送达起诉状副本、应诉通知书、举证通知书、开庭传票等。自公告之日起经过30日即视为送达。提出答辩状和举证的期限分别为公告期满后的15日和30日内。并定于举证期满后第3日上午9时（遇法定节假日顺延）在本院第十三法庭公开开庭审理，逾期将依法缺席裁判。

北京市朝阳区人民法院

本院受理申请人与被申请人借款合同纠纷一案，现依法向你公告送达起诉状副本、证据材料、应诉通知书、举证通知书、合议庭组成人员通知书及开庭传票。自本公告发出之日起经过30日即视为送达。提出答辩状的期限和举证期限为公告送达期满后的15日内，逾期将依法判决。

天津市和平区人民法院

本院在审理原告与被告买卖合同纠纷一案中，因被告下落不明，依照《中华人民共和国民事诉讼法》之规定，向你公告送达本院作出的民事判决书。判决书主文：被告于本判决生效之日起十日内支付原告货款及利息，案件受理费由被告负担。如不服本判决，可在公告期满之日起15日内向本院递交上诉状，上诉于中级人民法院。

河北省石家庄市中级人民法院

本委受理申请人与被申请人劳动争议仲裁一案，依照相关规定向你公告送达仲裁申请书副本、答辩通知书、举证通知书、仲裁庭组成通知书及开庭通知书。自公告之日起经过30日即视为送达，答辩期和举证期为公告送达期满后的10日内，并定于期满后第3日在本委仲裁庭开庭审理，逾期不到庭将依法缺席裁决。

山西省太原市小店区人民法院

遗失声明：某某公司不慎遗失营业执照正本、副本，统一社会信用代码：91420100MA4K******，声明作废。另遗失公章、财务专用章、发票专用章各一枚，声明作废。某某个人不慎遗失身份证、驾驶证，声明作废。

江苏省南京市秦淮区人民法院

本院受理原告诉被告合同纠纷一案，因你下落不明，依照《中华人民共和国民事诉讼法》第九十五条规定，向你公告送达起诉状副本、应诉通知书、举证通知书、开庭传票等。自公告之日起经过30日即视为送达。提出答辩状和举证的期限分别为公告期满后的15日和30日内。并定于举证期满后第3日上午9时（遇法定节假日顺延）在本院第十三法庭公开开庭审理，逾期将依法缺席裁判。

浙江省杭州市西湖区人民法院

本院受理申请人与被申请人借款合同纠纷一案，现依法向你公告送达起诉状副本、证据材料、应诉通知书、举证通知书、合议庭组成人员通知书及开庭传票。自本公告发出之日起经过30日即视为送达。提出答辩状的期限和举证期限为公告送达期满后的15日内，逾期将依法判决。

湖北省武汉市江汉区人民法院

本院在审理原告与被告买卖合同纠纷一案中，因被告下落不明，依照《中华人民共和国民事诉讼法》之规定，向你公告送达本院作出的民事判决书。判决书主文：被告于本判决生效之日起十日内支付原告货款及利息，案件受理费由被告负担。如不服本判决，可在公告期满之日起15日内向本院递交上诉状，上诉于中级人民法院。

广东省深圳市福田区人民法院
寻人启事
刘某某，男，47岁，身份证：421122197********，于2023年9月1日离家出走，至今未归。身高约170cm，体型偏瘦，离家时穿深色上衣。请知情者速与家人联系，有重谢。
公告专栏
武汉仲裁委员会公告

遗失声明：某某公司不慎遗失营业执照正本、副本，统一社会信用代码：91420100MA4K******，声明作废。另遗失公章、财务专用章、发票专用章各一枚，声明作废。某某个人不慎遗失身份证、驾驶证，声明作废。

四川省成都市武侯区人民法院

本院受理原告诉被告合同纠纷一案，因你下落不明，依照《中华人民共和国民事诉讼法》第九十五条规定，向你公告送达起诉状副本、应诉通知书、举证通知书、开庭传票等。自公告之日起经过30日即视为送达。提出答辩状和举证的期限分别为公告期满后的15日和30日内。并定于举证期满后第3日上午9时（遇法定节假日顺延）在本院第十三法庭公开开庭审理，逾期将依法缺席裁判。

辽宁省沈阳市和平区人民法院

本院受理申请人与被申请人借款合同纠纷一案，现依法向你公告送达起诉状副本、证据材料、应诉通知书、举证通知书、合议庭组成人员通知书及开庭传票。自本公告发出之日起经过30日即视为送达。提出答辩状的期限和举证期限为公告送达期满后的15日内，逾期将依法判决。

河南省郑州市金水区人民法院

本院在审理原告与被告买卖合同纠纷一案中，因被告下落不明，依照《中华人民共和国民事诉讼法》之规定，向你公告送达本院作出的民事判决书。判决书主文：被告于本判决生效之日起十日内支付原告货款及利息，案件受理费由被告负担。如不服本判决，可在公告期满之日起15日内向本院递交上诉状，上诉于中级人民法院。

陕西省西安市雁塔区人民法院

本委受理申请人与被申请人劳动争议仲裁一案，依照相关规定向你公告送达仲裁申请书副本、答辩通知书、举证通知书、仲裁庭组成通知书及开庭通知书。自公告之日起经过30日即视为送达，答辩期和举证期为公告送达期满后的10日内，并定于期满后第3日在本委仲裁庭开庭审理，逾期不到庭将依法缺席裁决。

重庆市渝中区人民法院

遗失声明：某某公司不慎遗失营业执照正本、副本，统一社会信用代码：91420100MA4K******，声明作废。另遗失公章、财务专用章、发票专用章各一枚，声明作废。某某个人不慎遗失身份证、驾驶证，声明作废。

武汉仲裁委员会

本院受理原告诉被告合同纠纷一案，因你下落不明，依照《中华人民共和国民事诉讼法》第九十五条规定，向你公告送达起诉状副本、应诉通知书、举证通知书、开庭传票等。自公告之日起经过30日即视为送达。提出答辩状和举证的期限分别为公告期满后的15日和30日内。并定于举证期满后第3日上午9时（遇法定节假日顺延）在本院第十三法庭公开开庭审理，逾期将依法缺席裁判。

北京市朝阳区人民法院

本院受理申请人与被申请人借款合同纠纷一案，现依法向你公告送达起诉状副本、证据材料、应诉通知书、举证通知书、合议庭组成人员通知书及开庭传票。自本公告发出之日起经过30日即视为送达。提出答辩状的期限和举证期限为公告送达期满后的15日内，逾期将依法判决。

天津市和平区人民法院

本院在审理原告与被告买卖合同纠纷一案中，因被告下落不明，依照《中华人民共和国民事诉讼法》之规定，向你公告送达本院作出的民事判决书。判决书主文：被告于本判决生效之日起十日内支付原告货款及利息，案件受理费由被告负担。如不服本判决，可在公告期满之日起15日内向本院递交上诉状，上诉于中级人民法院。

河北省石家庄市中级人民法院

本委受理申请人与被申请人劳动争议仲裁一案，依照相关规定向你公告送达仲裁申请书副本、答辩通知书、举证通知书、仲裁庭组成通知书及开庭通知书。自公告之日起经过30日即视为送达，答辩期和举证期为公告送达期满后的10日内，并定于期满后第3日在本委仲裁庭开庭审理，逾期不到庭将依法缺席裁决。

山西省太原市小店区人民法院

遗失声明：某某公司不慎遗失营业执照正本、副本，统一社会信用代码：91420100MA4K******，声明作废。另遗失公章、财务专用章、发票专用章各一枚，声明作废。某某个人不慎遗失身份证、驾驶证，声明作废。

江苏省南京市秦淮区人民法院

本院受理原告诉被告合同纠纷一案，因你下落不明，依照《中华人民共和国民事诉讼法》第九十五条规定，向你公告送达起诉状副本、应诉通知书、举证通知书、开庭传票等。自公告之日起经过30日即视为送达。提出答辩状和举证的期限分别为公告期满后的15日和30日内。并定于举证期满后第3日上午9时（遇法定节假日顺延）在本院第十三法庭公开开庭审理，逾期将依法缺席裁判。

浙江省杭州市西湖区人民法院

本院受理申请人与被申请人借款合同纠纷一案，现依法向你公告送达起诉状副本、证据材料、应诉通知书、举证通知书、合议庭组成人员通知书及开庭传票。自本公告发出之日起经过30日即视为送达。提出答辩状的期限和举证期限为公告送达期满后的15日内，逾期将依法判决。

湖北省武汉市江汉区人民法院

本院在审理原告与被告买卖合同纠纷一案中，因被告下落不明，依照《中华人民共和国民事诉讼法》之规定，向你公告送达本院作出的民事判决书。判决书主文：被告于本判决生效之日起十日内支付原告货款及利息，案件受理费由被告负担。如不服本判决，可在公告期满之日起15日内向本院递交上诉状，上诉于中级人民法院。

广东省深圳市福田区人民法院

本委受理申请人与被申请人劳动争议仲裁一案，依照相关规定向你公告送达仲裁申请书副本、答辩通知书、举证通知书、仲裁庭组成通知书及开庭通知书。自公告之日起经过30日即视为送达，答辩期和举证期为公告送达期满后的10日内，并定于期满后第3日在本委仲裁庭开庭审理，逾期不到庭将依法缺席裁决。

四川省成都市武侯区人民法院

遗失声明：某某公司不慎遗失营业执照正本、副本，统一社会信用代码：91420100MA4K******，声明作废。另遗失公章、财务专用章、发票专用章各一枚，声明作废。某某个人不慎遗失身份证、驾驶证，声明作废。

辽宁省沈阳市和平区人民法院

本院受理原告诉被告合同纠纷一案，因你下落不明，依照《中华人民共和国民事诉讼法》第九十五条规定，向你公告送达起诉状副本、应诉通知书、举证通知书、开庭传票等。自公告之日起经过30日即视为送达。提出答辩状和举证的期限分别为公告期满后的15日和30日内。并定于举证期满后第3日上午9时（遇法定节假日顺延）在本院第十三法庭公开开庭审理，逾期将依法缺席裁判。

河南省郑州市金水区人民法院

本院受理申请人与被申请人借款合同纠纷一案，现依法向你公告送达起诉状副本、证据材料、应诉通知书、举证通知书、合议庭组成人员通知书及开庭传票。自本公告发出之日起经过30日即视为送达。提出答辩状的期限和举证期限为公告送达期满后的15日内，逾期将依法判决。

陕西省西安市雁塔区人民法院

本院在审理原告与被告买卖合同纠纷一案中，因被告下落不明，依照《中华人民共和国民事诉讼法》之规定，向你公告送达本院作出的民事判决书。判决书主文：被告于本判决生效之日起十日内支付原告货款及利息，案件受理费由被告负担。如不服本判决，可在公告期满之日起15日内向本院递交上诉状，上诉于中级人民法院。

重庆市渝中区人民法院

本委受理申请人与被申请人劳动争议仲裁一案，依照相关规定向你公告送达仲裁申请书副本、答辩通知书、举证通知书、仲裁庭组成通知书及开庭通知书。自公告之日起经过30日即视为送达，答辩期和举证期为公告送达期满后的10日内，并定于期满后第3日在本委仲裁庭开庭审理，逾期不到庭将依法缺席裁决。

武汉仲裁委员会

遗失声明：某某公司不慎遗失营业执照正本、副本，统一社会信用代码：91420100MA4K******，声明作废。另遗失公章、财务专用章、发票专用章各一枚，声明作废。某某个人不慎遗失身份证、驾驶证，声明作废。

北京市朝阳区人民法院

本院受理原告诉被告合同纠纷一案，因你下落不明，依照《中华人民共和国民事诉讼法》第九十五条规定，向你公告送达起诉状副本、应诉通知书、举证通知书、开庭传票等。自公告之日起经过30日即视为送达。提出答辩状和举证的期限分别为公告期满后的15日和30日内。并定于举证期满后第3日上午9时（遇法定节假日顺延）在本院第十三法庭公开开庭审理，逾期将依法缺席裁判。

天津市和平区人民法院

本院受理申请人与被申请人借款合同纠纷一案，现依法向你公告送达起诉状副本、证据材料、应诉通知书、举证通知书、合议庭组成人员通知书及开庭传票。自本公告发出之日起经过30日即视为送达。提出答辩状的期限和举证期限为公告送达期满后的15日内，逾期将依法判决。

河北省石家庄市中级人民法院

本院在审理原告与被告买卖合同纠纷一案中，因被告下落不明，依照《中华人民共和国民事诉讼法》之规定，向你公告送达本院作出的民事判决书。判决书主文：被告于本判决生效之日起十日内支付原告货款及利息，案件受理费由被告负担。如不服本判决，可在公告期满之日起15日内向本院递交上诉状，上诉于中级人民法院。

山西省太原市小店区人民法院

本委受理申请人与被申请人劳动争议仲裁一案，依照相关规定向你公告送达仲裁申请书副本、答辩通知书、举证通知书、仲裁庭组成通知书及开庭通知书。自公告之日起经过30日即视为送达，答辩期和举证期为公告送达期满后的10日内，并定于期满后第3日在本委仲裁庭开庭审理，逾期不到庭将依法缺席裁决。

江苏省南京市秦淮区人民法院

遗失声明：某某公司不慎遗失营业执照正本、副本，统一社会信用代码：91420100MA4K******，声明作废。另遗失公章、财务专用章、发票专用章各一枚，声明作废。某某个人不慎遗失身份证、驾驶证，声明作废。

浙江省杭州市西湖区人民法院

本院受理原告诉被告合同纠纷一案，因你下落不明，依照《中华人民共和国民事诉讼法》第九十五条规定，向你公告送达起诉状副本、应诉通知书、举证通知书、开庭传票等。自公告之日起经过30日即视为送达。提出答辩状和举证的期限分别为公告期满后的15日和30日内。并定于举证期满后第3日上午9时（遇法定节假日顺延）在本院第十三法庭公开开庭审理，逾期将依法缺席裁判。

湖北省武汉市江汉区人民法院

本院受理申请人与被申请人借款合同纠纷一案，现依法向你公告送达起诉状副本、证据材料、应诉通知书、举证通知书、合议庭组成人员通知书及开庭传票。自本公告发出之日起经过30日即视为送达。提出答辩状的期限和举证期限为公告送达期满后的15日内，逾期将依法判决。

广东省深圳市福田区人民法院

本院在审理原告与被告买卖合同纠纷一案中，因被告下落不明，依照《中华人民共和国民事诉讼法》之规定，向你公告送达本院作出的民事判决书。判决书主文：被告于本判决生效之日起十日内支付原告货款及利息，案件受理费由被告负担。如不服本判决，可在公告期满之日起15日内向本院递交上诉状，上诉于中级人民法院。

四川省成都市武侯区人民法院

本委受理申请人与被申请人劳动争议仲裁一案，依照相关规定向你公告送达仲裁申请书副本、答辩通知书、举证通知书、仲裁庭组成通知书及开庭通知书。自公告之日起经过30日即视为送达，答辩期和举证期为公告送达期满后的10日内，并定于期满后第3日在本委仲裁庭开庭审理，逾期不到庭将依法缺席裁决。

辽宁省沈阳市和平区人民法院

遗失声明：某某公司不慎遗失营业执照正本、副本，统一社会信用代码：91420100MA4K******，声明作废。另遗失公章、财务专用章、发票专用章各一枚，声明作废。某某个人不慎遗失身份证、驾驶证，声明作废。

河南省郑州市金水区人民法院

本院受理原告诉被告合同纠纷一案，因你下落不明，依照《中华人民共和国民事诉讼法》第九十五条规定，向你公告送达起诉状副本、应诉通知书、举证通知书、开庭传票等。自公告之日起经过30日即视为送达。提出答辩状和举证的期限分别为公告期满后的15日和30日内。并定于举证期满后第3日上午9时（遇法定节假日顺延）在本院第十三法庭公开开庭审理，逾期将依法缺席裁判。

陕西省西安市雁塔区人民法院

本院受理申请人与被申请人借款合同纠纷一案，现依法向你公告送达起诉状副本、证据材料、应诉通知书、举证通知书、合议庭组成人员通知书及开庭传票。自本公告发出之日起经过30日即视为送达。提出答辩状的期限和举证期限为公告送达期满后的15日内，逾期将依法判决。

重庆市渝中区人民法院
公告专栏
遗失声明

本院受理原告诉被告合同纠纷一案，因你下落不明，依照《中华人民共和国民事诉讼法》第九十五条规定，向你公告送达起诉状副本、应诉通知书、举证通知书、开庭传票等。自公告之日起经过30日即视为送达。提出答辩状和举证的期限分别为公告期满后的15日和30日内。并定于举证期满后第3日上午9时（遇法定节假日顺延）在本院第十三法庭公开开庭审理，逾期将依法缺席裁判。

河南省郑州市金水区人民法院

本院受理申请人与被申请人借款合同纠纷一案，现依法向你公告送达起诉状副本、证据材料、应诉通知书、举证通知书、合议庭组成人员通知书及开庭传票。自本公告发出之日起经过30日即视为送达。提出答辩状的期限和举证期限为公告送达期满后的15日内，逾期将依法判决。

陕西省西安市雁塔区人民法院

本院在审理原告与被告买卖合同纠纷一案中，因被告下落不明，依照《中华人民共和国民事诉讼法》之规定，向你公告送达本院作出的民事判决书。判决书主文：被告于本判决生效之日起十日内支付原告货款及利息，案件受理费由被告负担。如不服本判决，可在公告期满之日起15日内向本院递交上诉状，上诉于中级人民法院。

重庆市渝中区人民法院

本委受理申请人与被申请人劳动争议仲裁一案，依照相关规定向你公告送达仲裁申请书副本、答辩通知书、举证通知书、仲裁庭组成通知书及开庭通知书。自公告之日起经过30日即视为送达，答辩期和举证期为公告送达期满后的10日内，并定于期满后第3日在本委仲裁庭开庭审理，逾期不到庭将依法缺席裁决。

武汉仲裁委员会

遗失声明：某某公司不慎遗失营业执照正本、副本，统一社会信用代码：91420100MA4K******，声明作废。另遗失公章、财务专用章、发票专用章各一枚，声明作废。某某个人不慎遗失身份证、驾驶证，声明作废。

北京市朝阳区人民法院

本院受理原告诉被告合同纠纷一案，因你下落不明，依照《中华人民共和国民事诉讼法》第九十五条规定，向你公告送达起诉状副本、应诉通知书、举证通知书、开庭传票等。自公告之日起经过30日即视为送达。提出答辩状和举证的期限分别为公告期满后的15日和30日内。并定于举证期满后第3日上午9时（遇法定节假日顺延）在本院第十三法庭公开开庭审理，逾期将依法缺席裁判。

天津市和平区人民法院

本院受理申请人与被申请人借款合同纠纷一案，现依法向你公告送达起诉状副本、证据材料、应诉通知书、举证通知书、合议庭组成人员通知书及开庭传票。自本公告发出之日起经过30日即视为送达。提出答辩状的期限和举证期限为公告送达期满后的15日内，逾期将依法判决。

河北省石家庄市中级人民法院

本院在审理原告与被告买卖合同纠纷一案中，因被告下落不明，依照《中华人民共和国民事诉讼法》之规定，向你公告送达本院作出的民事判决书。判决书主文：被告于本判决生效之日起十日内支付原告货款及利息，案件受理费由被告负担。如不服本判决，可在公告期满之日起15日内向本院递交上诉状，上诉于中级人民法院。

山西省太原市小店区人民法院

本委受理申请人与被申请人劳动争议仲裁一案，依照相关规定向你公告送达仲裁申请书副本、答辩通知书、举证通知书、仲裁庭组成通知书及开庭通知书。自公告之日起经过30日即视为送达，答辩期和举证期为公告送达期满后的10日内，并定于期满后第3日在本委仲裁庭开庭审理，逾期不到庭将依法缺席裁决。

江苏省南京市秦淮区人民法院

遗失声明：某某公司不慎遗失营业执照正本、副本，统一社会信用代码：91420100MA4K******，声明作废。另遗失公章、财务专用章、发票专用章各一枚，声明作废。某某个人不慎遗失身份证、驾驶证，声明作废。

浙江省杭州市西湖区人民法院

本院受理原告诉被告合同纠纷一案，因你下落不明，依照《中华人民共和国民事诉讼法》第九十五条规定，向你公告送达起诉状副本、应诉通知书、举证通知书、开庭传票等。自公告之日起经过30日即视为送达。提出答辩状和举证的期限分别为公告期满后的15日和30日内。并定于举证期满后第3日上午9时（遇法定节假日顺延）在本院第十三法庭公开开庭审理，逾期将依法缺席裁判。

湖北省武汉市江汉区人民法院

本院受理申请人与被申请人借款合同纠纷一案，现依法向你公告送达起诉状副本、证据材料、应诉通知书、举证通知书、合议庭组成人员通知书及开庭传票。自本公告发出之日起经过30日即视为送达。提出答辩状的期限和举证期限为公告送达期满后的15日内，逾期将依法判决。

广东省深圳市福田区人民法院

本院在审理原告与被告买卖合同纠纷一案中，因被告下落不明，依照《中华人民共和国民事诉讼法》之规定，向你公告送达本院作出的民事判决书。判决书主文：被告于本判决生效之日起十日内支付原告货款及利息，案件受理费由被告负担。如不服本判决，可在公告期满之日起15日内向本院递交上诉状，上诉于中级人民法院。

四川省成都市武侯区人民法院

本委受理申请人与被申请人劳动争议仲裁一案，依照相关规定向你公告送达仲裁申请书副本、答辩通知书、举证通知书、仲裁庭组成通知书及开庭通知书。自公告之日起经过30日即视为送达，答辩期和举证期为公告送达期满后的10日内，并定于期满后第3日在本委仲裁庭开庭审理，逾期不到庭将依法缺席裁决。

辽宁省沈阳市和平区人民法院

遗失声明：某某公司不慎遗失营业执照正本、副本，统一社会信用代码：91420100MA4K******，声明作废。另遗失公章、财务专用章、发票专用章各一枚，声明作废。某某个人不慎遗失身份证、驾驶证，声明作废。

河南省郑州市金水区人民法院

本院受理原告诉被告合同纠纷一案，因你下落不明，依照《中华人民共和国民事诉讼法》第九十五条规定，向你公告送达起诉状副本、应诉通知书、举证通知书、开庭传票等。自公告之日起经过30日即视为送达。提出答辩状和举证的期限分别为公告期满后的15日和30日内。并定于举证期满后第3日上午9时（遇法定节假日顺延）在本院第十三法庭公开开庭审理，逾期将依法缺席裁判。

陕西省西安市雁塔区人民法院

本院受理申请人与被申请人借款合同纠纷一案，现依法向你公告送达起诉状副本、证据材料、应诉通知书、举证通知书、合议庭组成人员通知书及开庭传票。自本公告发出之日起经过30日即视为送达。提出答辩状的期限和举证期限为公告送达期满后的15日内，逾期将依法判决。

重庆市渝中区人民法院

本院在审理原告与被告买卖合同纠纷一案中，因被告下落不明，依照《中华人民共和国民事诉讼法》之规定，向你公告送达本院作出的民事判决书。判决书主文：被告于本判决生效之日起十日内支付原告货款及利息，案件受理费由被告负担。如不服本判决，可在公告期满之日起15日内向本院递交上诉状，上诉于中级人民法院。

武汉仲裁委员会

本委受理申请人与被申请人劳动争议仲裁一案，依照相关规定向你公告送达仲裁申请书副本、答辩通知书、举证通知书、仲裁庭组成通知书及开庭通知书。自公告之日起经过30日即视为送达，答辩期和举证期为公告送达期满后的10日内，并定于期满后第3日在本委仲裁庭开庭审理，逾期不到庭将依法缺席裁决。

北京市朝阳区人民法院

遗失声明：某某公司不慎遗失营业执照正本、副本，统一社会信用代码：91420100MA4K******，声明作废。另遗失公章、财务专用章、发票专用章各一枚，声明作废。某某个人不慎遗失身份证、驾驶证，声明作废。

天津市和平区人民法院

本院受理原告诉被告合同纠纷一案，因你下落不明，依照《中华人民共和国民事诉讼法》第九十五条规定，向你公告送达起诉状副本、应诉通知书、举证通知书、开庭传票等。自公告之日起经过30日即视为送达。提出答辩状和举证的期限分别为公告期满后的15日和30日内。并定于举证期满后第3日上午9时（遇法定节假日顺延）在本院第十三法庭公开开庭审理，逾期将依法缺席裁判。

河北省石家庄市中级人民法院

本院受理申请人与被申请人借款合同纠纷一案，现依法向你公告送达起诉状副本、证据材料、应诉通知书、举证通知书、合议庭组成人员通知书及开庭传票。自本公告发出之日起经过30日即视为送达。提出答辩状的期限和举证期限为公告送达期满后的15日内，逾期将依法判决。

山西省太原市小店区人民法院

本院在审理原告与被告买卖合同纠纷一案中，因被告下落不明，依照《中华人民共和国民事诉讼法》之规定，向你公告送达本院作出的民事判决书。判决书主文：被告于本判决生效之日起十日内支付原告货款及利息，案件受理费由被告负担。如不服本判决，可在公告期满之日起15日内向本院递交上诉状，上诉于中级人民法院。

江苏省南京市秦淮区人民法院

本委受理申请人与被申请人劳动争议仲裁一案，依照相关规定向你公告送达仲裁申请书副本、答辩通知书、举证通知书、仲裁庭组成通知书及开庭通知书。自公告之日起经过30日即视为送达，答辩期和举证期为公告送达期满后的10日内，并定于期满后第3日在本委仲裁庭开庭审理，逾期不到庭将依法缺席裁决。

浙江省杭州市西湖区人民法院

遗失声明：某某公司不慎遗失营业执照正本、副本，统一社会信用代码：91420100MA4K******，声明作废。另遗失公章、财务专用章、发票专用章各一枚，声明作废。某某个人不慎遗失身份证、驾驶证，声明作废。

湖北省武汉市江汉区人民法院

本院受理原告诉被告合同纠纷一案，因你下落不明，依照《中华人民共和国民事诉讼法》第九十五条规定，向你公告送达起诉状副本、应诉通知书、举证通知书、开庭传票等。自公告之日起经过30日即视为送达。提出答辩状和举证的期限分别为公告期满后的15日和30日内。并定于举证期满后第3日上午9时（遇法定节假日顺延）在本院第十三法庭公开开庭审理，逾期将依法缺席裁判。

广东省深圳市福田区人民法院

本院受理申请人与被申请人借款合同纠纷一案，现依法向你公告送达起诉状副本、证据材料、应诉通知书、举证通知书、合议庭组成人员通知书及开庭传票。自本公告发出之日起经过30日即视为送达。提出答辩状的期限和举证期限为公告送达期满后的15日内，逾期将依法判决。

四川省成都市武侯区人民法院

本院在审理原告与被告买卖合同纠纷一案中，因被告下落不明，依照《中华人民共和国民事诉讼法》之规定，向你公告送达本院作出的民事判决书。判决书主文：被告于本判决生效之日起十日内支付原告货款及利息，案件受理费由被告负担。如不服本判决，可在公告期满之日起15日内向本院递交上诉状，上诉于中级人民法院。

辽宁省沈阳市和平区人民法院

本委受理申请人与被申请人劳动争议仲裁一案，依照相关规定向你公告送达仲裁申请书副本、答辩通知书、举证通知书、仲裁庭组成通知书及开庭通知书。自公告之日起经过30日即视为送达，答辩期和举证期为公告送达期满后的10日内，并定于期满后第3日在本委仲裁庭开庭审理，逾期不到庭将依法缺席裁决。

河南省郑州市金水区人民法院

遗失声明：某某公司不慎遗失营业执照正本、副本，统一社会信用代码：91420100MA4K******，声明作废。另遗失公章、财务专用章、发票专用章各一枚，声明作废。某某个人不慎遗失身份证、驾驶证，声明作废。

陕西省西安市雁塔区人民法院

本院受理原告诉被告合同纠纷一案，因你下落不明，依照《中华人民共和国民事诉讼法》第九十五条规定，向你公告送达起诉状副本、应诉通知书、举证通知书、开庭传票等。自公告之日起经过30日即视为送达。提出答辩状和举证的期限分别为公告期满后的15日和30日内。并定于举证期满后第3日上午9时（遇法定节假日顺延）在本院第十三法庭公开开庭审理，逾期将依法缺席裁判。

重庆市渝中区人民法院

本院受理申请人与被申请人借款合同纠纷一案，现依法向你公告送达起诉状副本、证据材料、应诉通知书、举证通知书、合议庭组成人员通知书及开庭传票。自本公告发出之日起经过30日即视为送达。提出答辩状的期限和举证期限为公告送达期满后的15日内，逾期将依法判决。

武汉仲裁委员会

本院在审理原告与被告买卖合同纠纷一案中，因被告下落不明，依照《中华人民共和国民事诉讼法》之规定，向你公告送达本院作出的民事判决书。判决书主文：被告于本判决生效之日起十日内支付原告货款及利息，案件受理费由被告负担。如不服本判决，可在公告期满之日起15日内向本院递交上诉状，上诉于中级人民法院。

北京市朝阳区人民法院
